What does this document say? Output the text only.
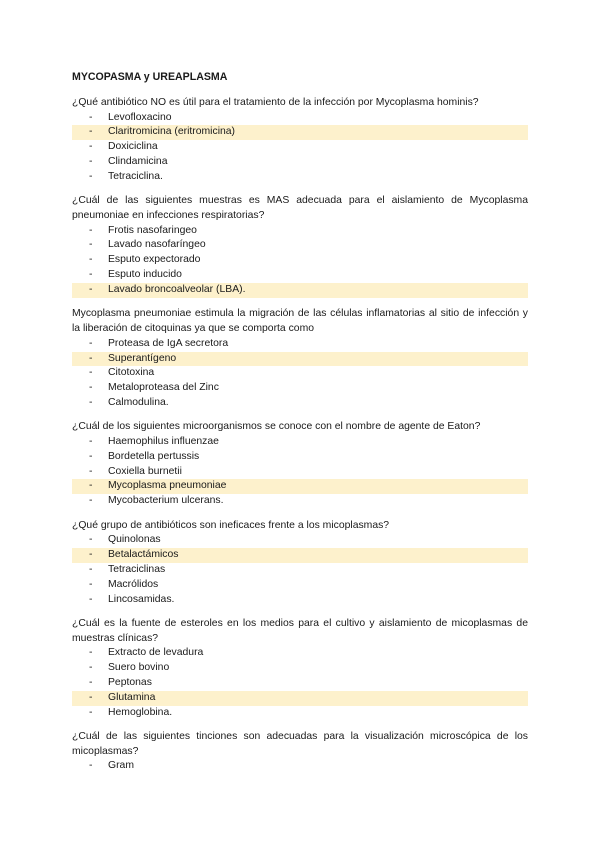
MYCOPASMA y UREAPLASMA

¿Qué antibiótico NO es útil para el tratamiento de la infección por Mycoplasma hominis?

- Levofloxacino
- Claritromicina (eritromicina)
- Doxiciclina
- Clindamicina
- Tetraciclina.

¿Cuál de las siguientes muestras es MAS adecuada para el aislamiento de Mycoplasma pneumoniae en infecciones respiratorias?

- Frotis nasofaringeo
- Lavado nasofaríngeo
- Esputo expectorado
- Esputo inducido
- Lavado broncoalveolar (LBA).

Mycoplasma pneumoniae estimula la migración de las células inflamatorias al sitio de infección y la liberación de citoquinas ya que se comporta como

- Proteasa de IgA secretora
- Superantígeno
- Citotoxina
- Metaloproteasa del Zinc
- Calmodulina.

¿Cuál de los siguientes microorganismos se conoce con el nombre de agente de Eaton?

- Haemophilus influenzae
- Bordetella pertussis
- Coxiella burnetii
- Mycoplasma pneumoniae
- Mycobacterium ulcerans.

¿Qué grupo de antibióticos son ineficaces frente a los micoplasmas?

- Quinolonas
- Betalactámicos
- Tetraciclinas
- Macrólidos
- Lincosamidas.

¿Cuál es la fuente de esteroles en los medios para el cultivo y aislamiento de micoplasmas de muestras clínicas?

- Extracto de levadura
- Suero bovino
- Peptonas
- Glutamina
- Hemoglobina.

¿Cuál de las siguientes tinciones son adecuadas para la visualización microscópica de los micoplasmas?

- Gram
